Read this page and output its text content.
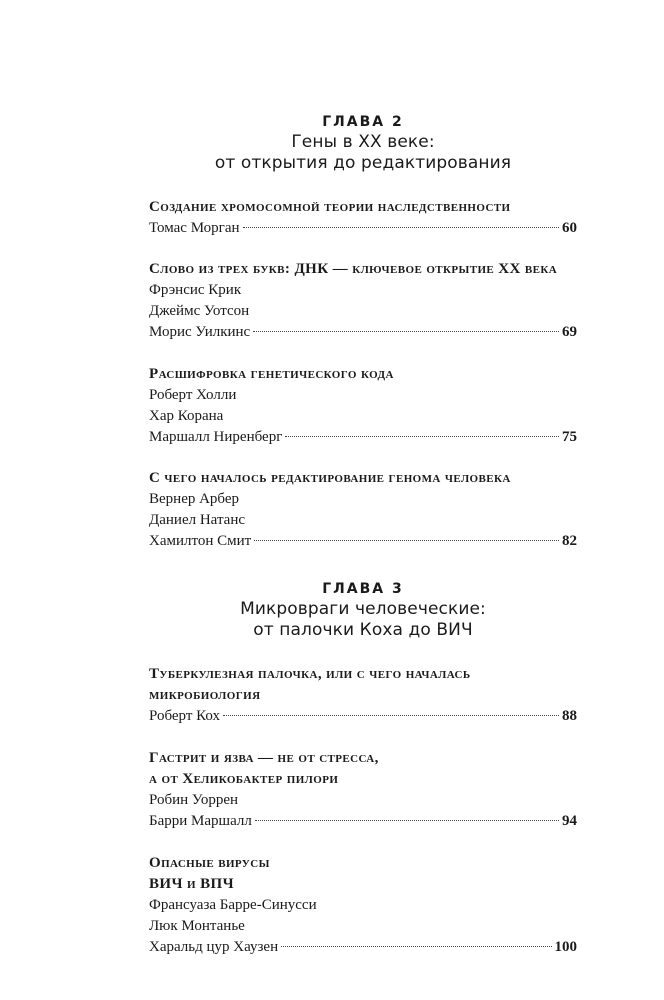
ГЛАВА 2
Гены в XX веке:
от открытия до редактирования
Создание хромосомной теории наследственности
Томас Морган	60
Слово из трех букв: ДНК — ключевое открытие XX века
Фрэнсис Крик
Джеймс Уотсон
Морис Уилкинс	69
Расшифровка генетического кода
Роберт Холли
Хар Корана
Маршалл Ниренберг	75
С чего началось редактирование генома человека
Вернер Арбер
Даниел Натанс
Хамилтон Смит	82
ГЛАВА 3
Микровраги человеческие:
от палочки Коха до ВИЧ
Туберкулезная палочка, или с чего началась
микробиология
Роберт Кох	88
Гастрит и язва — не от стресса,
а от Хеликобактер пилори
Робин Уоррен
Барри Маршалл	94
Опасные вирусы
ВИЧ и ВПЧ
Франсуаза Барре-Синусси
Люк Монтанье
Харальд цур Хаузен	100
